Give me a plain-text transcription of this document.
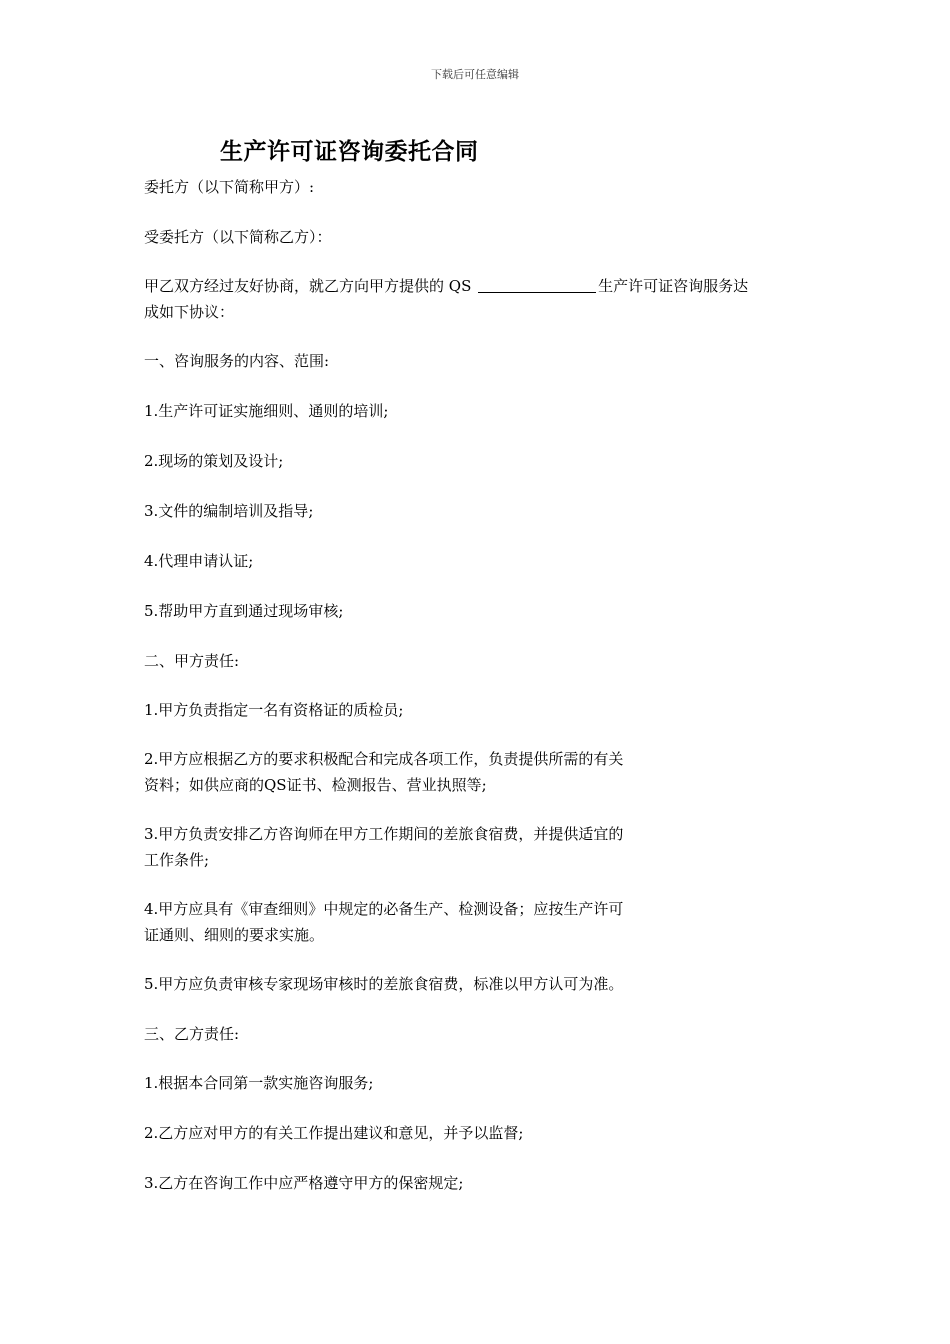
下载后可任意编辑
生产许可证咨询委托合同
委托方（以下简称甲方）:
受委托方（以下简称乙方）：
甲乙双方经过友好协商，就乙方向甲方提供的 QS	生产许可证咨询服务达
成如下协议：
一、咨询服务的内容、范围:
1.生产许可证实施细则、通则的培训;
2.现场的策划及设计;
3.文件的编制培训及指导;
4.代理申请认证;
5.帮助甲方直到通过现场审核;
二、甲方责任:
1.甲方负责指定一名有资格证的质检员;
2.甲方应根据乙方的要求积极配合和完成各项工作，负责提供所需的有关
资料；如供应商的QS证书、检测报告、营业执照等;
3.甲方负责安排乙方咨询师在甲方工作期间的差旅食宿费，并提供适宜的
工作条件;
4.甲方应具有《审查细则》中规定的必备生产、检测设备；应按生产许可
证通则、细则的要求实施。
5.甲方应负责审核专家现场审核时的差旅食宿费，标准以甲方认可为准。
三、乙方责任:
1.根据本合同第一款实施咨询服务;
2.乙方应对甲方的有关工作提出建议和意见，并予以监督;
3.乙方在咨询工作中应严格遵守甲方的保密规定;
